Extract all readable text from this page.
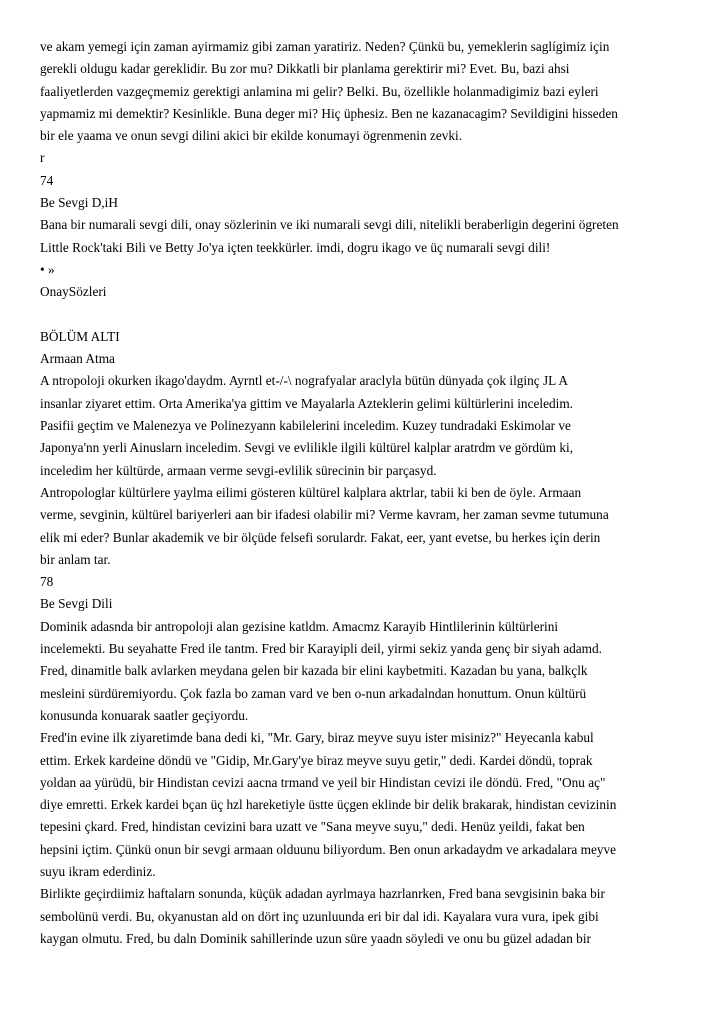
ve akam yemegi için zaman ayirmamiz gibi zaman yaratiriz. Neden? Çünkü bu, yemeklerin saglígimiz için
gerekli oldugu kadar gereklidir. Bu zor mu? Dikkatli bir planlama gerektirir mi? Evet. Bu, bazi ahsi
faaliyetlerden vazgeçmemiz gerektigi anlamina mi gelir? Belki. Bu, özellikle holanmadigimiz bazi eyleri
yapmamiz mi demektir? Kesinlikle. Buna deger mi? Hiç üphesiz. Ben ne kazanacagim? Sevildigini hisseden
bir ele yaama ve onun sevgi dilini akici bir ekilde konumayi ögrenmenin zevki.
r
74
Be Sevgi D,iH
Bana bir numarali sevgi dili, onay sözlerinin ve iki numarali sevgi dili, nitelikli beraberligin degerini ögreten
Little Rock'taki Bili ve Betty Jo'ya içten teekkürler. imdi, dogru ikago ve üç numarali sevgi dili!
• »
OnaySözleri
BÖLÜM ALTI
Armaan Atma
A ntropoloji okurken ikago'daydm. Ayrntl et-/-\ nografyalar araclyla bütün dünyada çok ilginç JL A
insanlar ziyaret ettim. Orta Amerika'ya gittim ve Mayalarla Azteklerin gelimi kültürlerini inceledim.
Pasifii geçtim ve Malenezya ve Polinezyann kabilelerini inceledim. Kuzey tundradaki Eskimolar ve
Japonya'nn yerli Ainuslarn inceledim. Sevgi ve evlilikle ilgili kültürel kalplar aratrdm ve gördüm ki,
inceledim her kültürde, armaan verme sevgi-evlilik sürecinin bir parçasyd.
Antropologlar kültürlere yaylma eilimi gösteren kültürel kalplara aktrlar, tabii ki ben de öyle. Armaan
verme, sevginin, kültürel bariyerleri aan bir ifadesi olabilir mi? Verme kavram, her zaman sevme tutumuna
elik mi eder? Bunlar akademik ve bir ölçüde felsefi sorulardr. Fakat, eer, yant evetse, bu herkes için derin
bir anlam tar.
78
Be Sevgi Dili
Dominik adasnda bir antropoloji alan gezisine katldm. Amacmz Karayib Hintlilerinin kültürlerini
incelemekti. Bu seyahatte Fred ile tantm. Fred bir Karayipli deil, yirmi sekiz yanda genç bir siyah adamd.
Fred, dinamitle balk avlarken meydana gelen bir kazada bir elini kaybetmiti. Kazadan bu yana, balkçlk
mesleini sürdüremiyordu. Çok fazla bo zaman vard ve ben o-nun arkadalndan honuttum. Onun kültürü
konusunda konuarak saatler geçiyordu.
Fred'in evine ilk ziyaretimde bana dedi ki, "Mr. Gary, biraz meyve suyu ister misiniz?" Heyecanla kabul
ettim. Erkek kardeine döndü ve "Gidip, Mr.Gary'ye biraz meyve suyu getir," dedi. Kardei döndü, toprak
yoldan aa yürüdü, bir Hindistan cevizi aacna trmand ve yeil bir Hindistan cevizi ile döndü. Fred, "Onu aç"
diye emretti. Erkek kardei bçan üç hzl hareketiyle üstte üçgen eklinde bir delik brakarak, hindistan cevizinin
tepesini çkard. Fred, hindistan cevizini bara uzatt ve "Sana meyve suyu," dedi. Henüz yeildi, fakat ben
hepsini içtim. Çünkü onun bir sevgi armaan olduunu biliyordum. Ben onun arkadaydm ve arkadalara meyve
suyu ikram ederdiniz.
Birlikte geçirdiimiz haftalarn sonunda, küçük adadan ayrlmaya hazrlanrken, Fred bana sevgisinin baka bir
sembolünü verdi. Bu, okyanustan ald on dört inç uzunluunda eri bir dal idi. Kayalara vura vura, ipek gibi
kaygan olmutu. Fred, bu daln Dominik sahillerinde uzun süre yaadn söyledi ve onu bu güzel adadan bir
